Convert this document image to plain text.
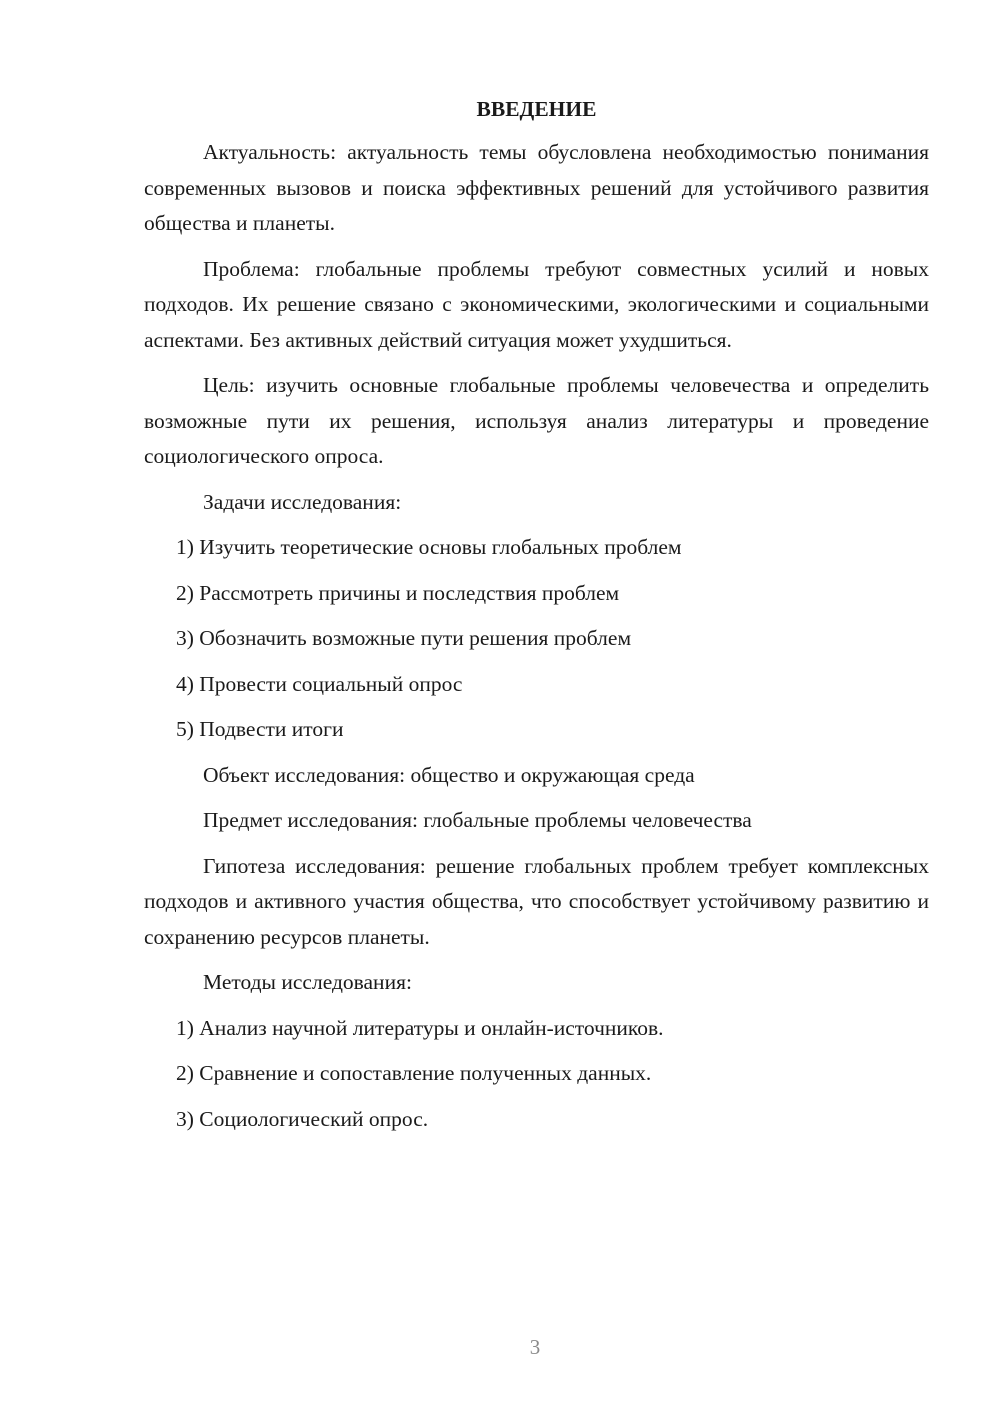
ВВЕДЕНИЕ

Актуальность: актуальность темы обусловлена необходимостью понимания современных вызовов и поиска эффективных решений для устойчивого развития общества и планеты.

Проблема: глобальные проблемы требуют совместных усилий и новых подходов. Их решение связано с экономическими, экологическими и социальными аспектами. Без активных действий ситуация может ухудшиться.

Цель: изучить основные глобальные проблемы человечества и определить возможные пути их решения, используя анализ литературы и проведение социологического опроса.

Задачи исследования:

1) Изучить теоретические основы глобальных проблем
2) Рассмотреть причины и последствия проблем
3) Обозначить возможные пути решения проблем
4) Провести социальный опрос
5) Подвести итоги

Объект исследования: общество и окружающая среда

Предмет исследования: глобальные проблемы человечества

Гипотеза исследования: решение глобальных проблем требует комплексных подходов и активного участия общества, что способствует устойчивому развитию и сохранению ресурсов планеты.

Методы исследования:

1) Анализ научной литературы и онлайн-источников.
2) Сравнение и сопоставление полученных данных.
3) Социологический опрос.
3
